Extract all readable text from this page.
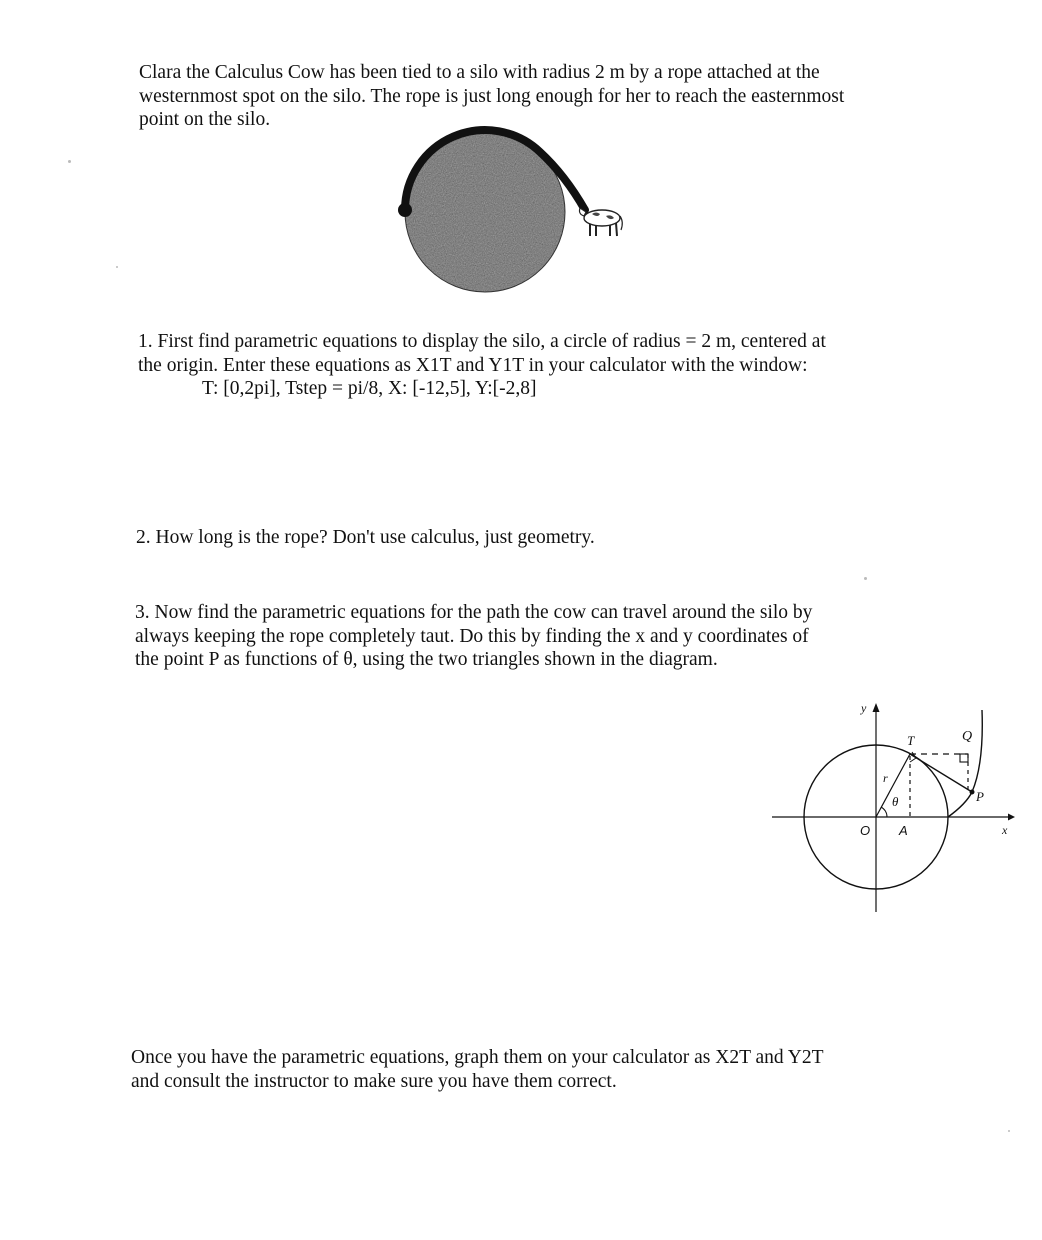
Clara the Calculus Cow has been tied to a silo with radius 2 m by a rope attached at the
westernmost spot on the silo. The rope is just long enough for her to reach the easternmost
point on the silo.
1. First find parametric equations to display the silo, a circle of radius = 2 m, centered at
the origin. Enter these equations as X1T and Y1T in your calculator with the window:
T: [0,2pi], Tstep = pi/8, X: [-12,5], Y:[-2,8]
2. How long is the rope? Don't use calculus, just geometry.
3. Now find the parametric equations for the path the cow can travel around the silo by
always keeping the rope completely taut. Do this by finding the x and y coordinates of
the point P as functions of θ, using the two triangles shown in the diagram.
y
x
O A
T	Q
P
r
θ
Once you have the parametric equations, graph them on your calculator as X2T and Y2T
and consult the instructor to make sure you have them correct.
